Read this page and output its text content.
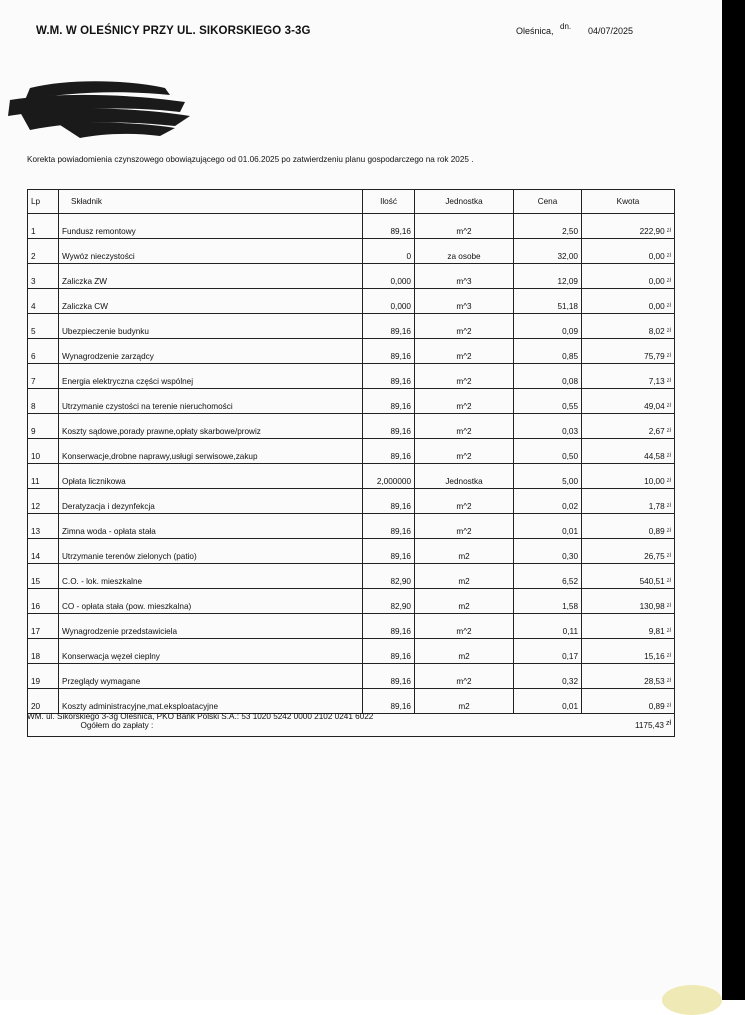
W.M. W OLEŚNICY PRZY UL. SIKORSKIEGO 3-3G	Oleśnica, dn. 04/07/2025
Korekta powiadomienia czynszowego obowiązującego od 01.06.2025 po zatwierdzeniu planu gospodarczego na rok 2025 .
Lp	Składnik	Ilość	Jednostka	Cena	Kwota
1	Fundusz remontowy	89,16	m^2	2,50	222,90 $^{zł}$
2	Wywóz nieczystości	0	za osobe	32,00	0,00 $^{zł}$
3	Zaliczka ZW	0,000	m^3	12,09	0,00 $^{zł}$
4	Zaliczka CW	0,000	m^3	51,18	0,00 $^{zł}$
5	Ubezpieczenie budynku	89,16	m^2	0,09	8,02 $^{zł}$
6	Wynagrodzenie zarządcy	89,16	m^2	0,85	75,79 $^{zł}$
7	Energia elektryczna części wspólnej	89,16	m^2	0,08	7,13 $^{zł}$
8	Utrzymanie czystości na terenie nieruchomości	89,16	m^2	0,55	49,04 $^{zł}$
9	Koszty sądowe,porady prawne,opłaty skarbowe/prowiz	89,16	m^2	0,03	2,67 $^{zł}$
10	Konserwacje,drobne naprawy,usługi serwisowe,zakup	89,16	m^2	0,50	44,58 $^{zł}$
11	Opłata licznikowa	2,000000	Jednostka	5,00	10,00 $^{zł}$
12	Deratyzacja i dezynfekcja	89,16	m^2	0,02	1,78 $^{zł}$
13	Zimna woda - opłata stała	89,16	m^2	0,01	0,89 $^{zł}$
14	Utrzymanie terenów zielonych (patio)	89,16	m2	0,30	26,75 $^{zł}$
15	C.O. - lok. mieszkalne	82,90	m2	6,52	540,51 $^{zł}$
16	CO - opłata stała (pow. mieszkalna)	82,90	m2	1,58	130,98 $^{zł}$
17	Wynagrodzenie przedstawiciela	89,16	m^2	0,11	9,81 $^{zł}$
18	Konserwacja węzeł cieplny	89,16	m2	0,17	15,16 $^{zł}$
19	Przeglądy wymagane	89,16	m^2	0,32	28,53 $^{zł}$
20	Koszty administracyjne,mat.eksploatacyjne	89,16	m2	0,01	0,89 $^{zł}$
	Ogółem do zapłaty :				1175,43 zł
WM. ul. Sikorskiego 3-3g Oleśnica, PKO Bank Polski S.A.: 53 1020 5242 0000 2102 0241 6022
